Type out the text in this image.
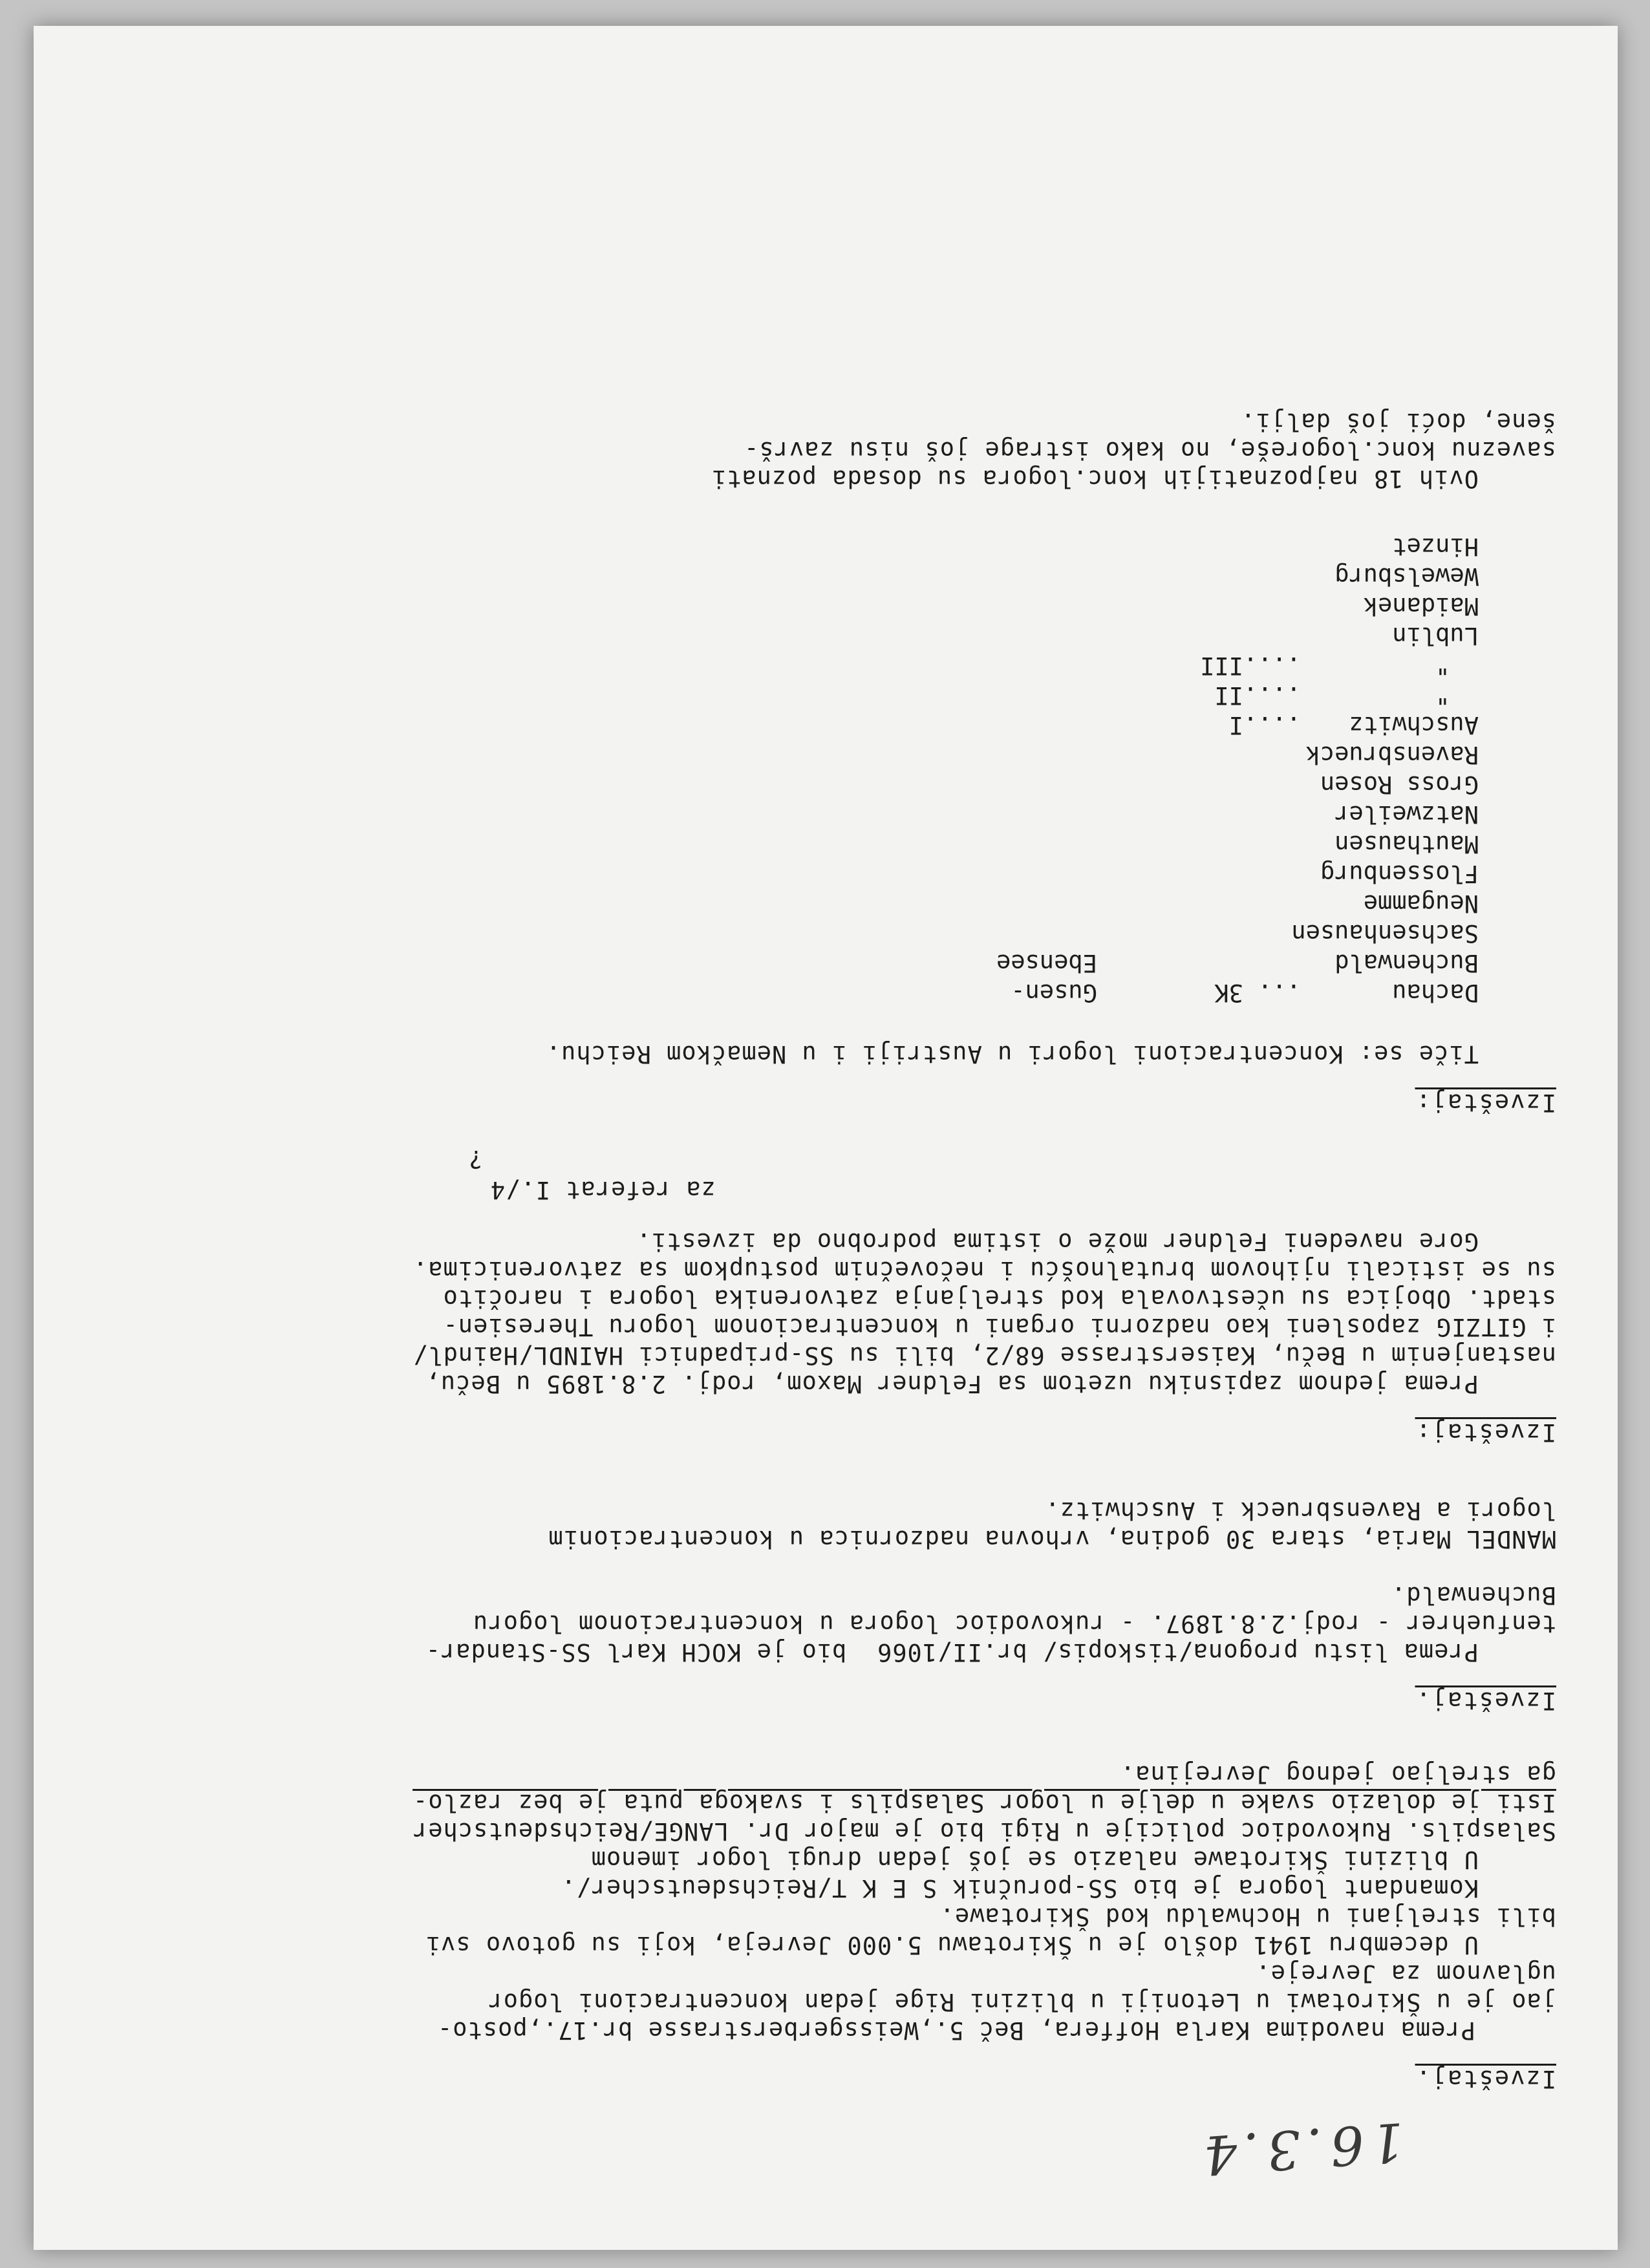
16.3.4
Izveštaj.
Prema navodima Karla Hoffera, Beč 5.,Weissgerberstrasse br.17.,posto-
jao je u Škirotawi u Letoniji u blizini Rige jedan koncentracioni logor
uglavnom za Jevreje.
U decembru 1941 došlo je u Škirotawu 5.000 Jevreja, koji su gotovo svi
bili streljani u Hochwaldu kod Škirotawe.
Komandant logora je bio SS-poručnik S E K T/Reichsdeutscher/.
U blizini Škirotawe nalazio se još jedan drugi logor imenom
Salaspils. Rukovodioc policije u Rigi bio je major Dr. LANGE/Reichsdeutscher
Isti je dolazio svake u delje u logor Salaspils i svakoga puta je bez razlo-
ga streljao jednog Jevrejina.
Izveštaj.
Prema listu progona/tiskopis/ br.II/1066  bio je KOCH Karl SS-Standar-
tenfuehrer - rodj.2.8.1897. - rukovodioc logora u koncentracionom logoru
Buchenwald.
MANDEL Maria, stara 30 godina, vrhovna nadzornica u koncentracionim
logori a Ravensbrueck i Auschwitz.
Izveštaj:
Prema jednom zapisniku uzetom sa Feldner Maxom, rodj. 2.8.1895 u Beču,
nastanjenim u Beču, Kaiserstrasse 68/2, bili su SS-pripadnici HAINDL/Haindl/
i GITZIG zaposleni kao nadzorni organi u koncentracionom logoru Theresien-
stadt. Obojica su učestvovala kod streljanja zatvorenika logora i naročito
su se isticali njihovom brutalnošću i nečovečnim postupkom sa zatvorenicima.
Gore navedeni Feldner može o istima podrobno da izvesti.
za referat I./4
?
Izveštaj:
Tiče se: Koncentracioni logori u Austriji i u Nemačkom Reichu.
Dachau
Buchenwald
Sachsenhausen
Neugamme
Flossenburg
Mauthausen
Natzweiler
Gross Rosen
Ravensbrueck
Auschwitz
"
"
Lublin
Maidanek
Wewelsburg
Hinzet
... 3K
Gusen-
Ebensee
....I
....II
....III
Ovih 18 najpoznatijih konc.logora su dosada poznati
saveznu konc.logoreše, no kako istrage još nisu završ-
šene, doći još dalji.
